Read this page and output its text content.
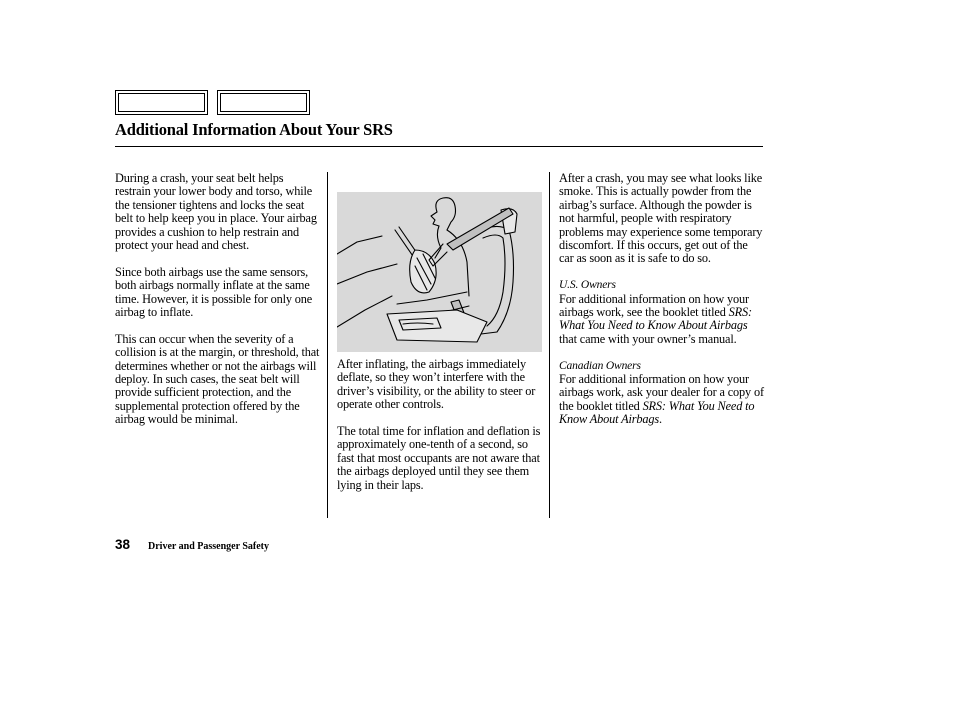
Additional Information About Your SRS

During a crash, your seat belt helps restrain your lower body and torso, while the tensioner tightens and locks the seat belt to help keep you in place. Your airbag provides a cushion to help restrain and protect your head and chest.

Since both airbags use the same sensors, both airbags normally inflate at the same time. However, it is possible for only one airbag to inflate.

This can occur when the severity of a collision is at the margin, or threshold, that determines whether or not the airbags will deploy. In such cases, the seat belt will provide sufficient protection, and the supplemental protection offered by the airbag would be minimal.

After inflating, the airbags immediately deflate, so they won’t interfere with the driver’s visibility, or the ability to steer or operate other controls.

The total time for inflation and deflation is approximately one-tenth of a second, so fast that most occupants are not aware that the airbags deployed until they see them lying in their laps.

After a crash, you may see what looks like smoke. This is actually powder from the airbag’s surface. Although the powder is not harmful, people with respiratory problems may experience some temporary discomfort. If this occurs, get out of the car as soon as it is safe to do so.

U.S. Owners
For additional information on how your airbags work, see the booklet titled SRS: What You Need to Know About Airbags that came with your owner’s manual.

Canadian Owners
For additional information on how your airbags work, ask your dealer for a copy of the booklet titled SRS: What You Need to Know About Airbags.

38 Driver and Passenger Safety
